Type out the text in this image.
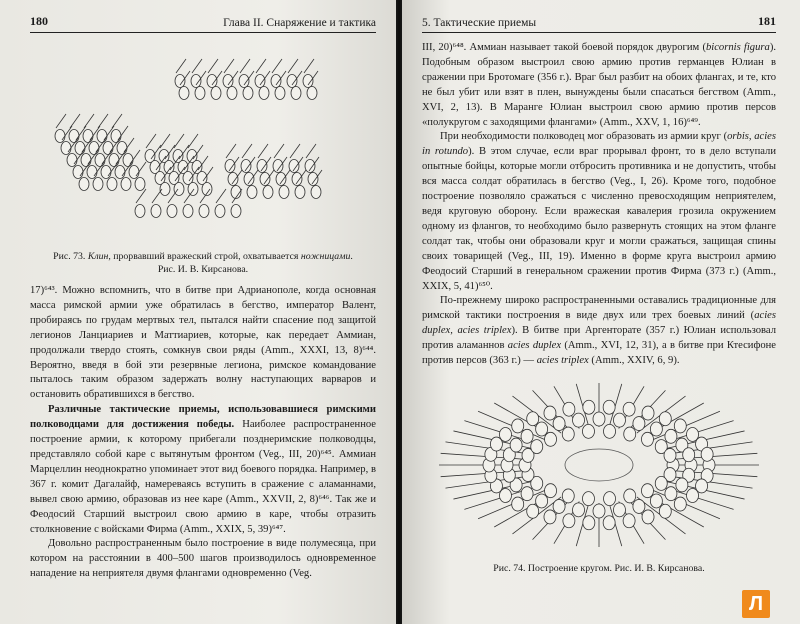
180	Глава II. Снаряжение и тактика
Рис. 73. Клин, прорвавший вражеский строй, охватывается ножницами.
Рис. И. В. Кирсанова.

17)⁶⁴³. Можно вспомнить, что в битве при Адрианополе, когда основная масса римской армии уже обратилась в бегство, император Валент, пробираясь по грудам мертвых тел, пытался найти спасение под защитой легионов Ланциариев и Маттиариев, которые, как передает Аммиан, продолжали твердо стоять, сомкнув свои ряды (Amm., XXXI, 13, 8)⁶⁴⁴. Вероятно, введя в бой эти резервные легиона, римское командование пыталось таким образом задержать волну наступающих варваров и остановить обратившихся в бегство.

Различные тактические приемы, использовавшиеся римскими полководцами для достижения победы. Наиболее распространенное построение армии, к которому прибегали позднеримские полководцы, представляло собой каре с вытянутым фронтом (Veg., III, 20)⁶⁴⁵. Аммиан Марцеллин неоднократно упоминает этот вид боевого порядка. Например, в 367 г. комит Дагалайф, намереваясь вступить в сражение с аламаннами, вывел свою армию, образовав из нее каре (Amm., XXVII, 2, 8)⁶⁴⁶. Так же и Феодосий Старший выстроил свою армию в каре, чтобы отразить столкновение с войсками Фирма (Amm., XXIX, 5, 39)⁶⁴⁷.

Довольно распространенным было построение в виде полумесяца, при котором на расстоянии в 400–500 шагов производилось одновременное нападение на неприятеля двумя флангами одновременно (Veg.

5. Тактические приемы	181

III, 20)⁶⁴⁸. Аммиан называет такой боевой порядок двурогим (bicornis figura). Подобным образом выстроил свою армию против германцев Юлиан в сражении при Бротомаге (356 г.). Враг был разбит на обоих флангах, и те, кто не был убит или взят в плен, вынуждены были спасаться бегством (Amm., XVI, 2, 13). В Маранге Юлиан выстроил свою армию против персов «полукругом с заходящими флангами» (Amm., XXV, 1, 16)⁶⁴⁹.

При необходимости полководец мог образовать из армии круг (orbis, acies in rotundo). В этом случае, если враг прорывал фронт, то в дело вступали опытные бойцы, которые могли отбросить противника и не допустить, чтобы вся масса солдат обратилась в бегство (Veg., I, 26). Кроме того, подобное построение позволяло сражаться с численно превосходящим неприятелем, ведя круговую оборону. Если вражеская кавалерия грозила окружением одному из флангов, то необходимо было развернуть стоящих на этом фланге солдат так, чтобы они образовали круг и могли сражаться, защищая спины своих товарищей (Veg., III, 19). Именно в форме круга выстроил армию Феодосий Старший в генеральном сражении против Фирма (373 г.) (Amm., XXIX, 5, 41)⁶⁵⁰.

По-прежнему широко распространенными оставались традиционные для римской тактики построения в виде двух или трех боевых линий (acies duplex, acies triplex). В битве при Аргенторате (357 г.) Юлиан использовал против аламаннов acies duplex (Amm., XVI, 12, 31), а в битве при Ктесифоне против персов (363 г.) — acies triplex (Amm., XXIV, 6, 9).

Рис. 74. Построение кругом. Рис. И. В. Кирсанова.
Л
